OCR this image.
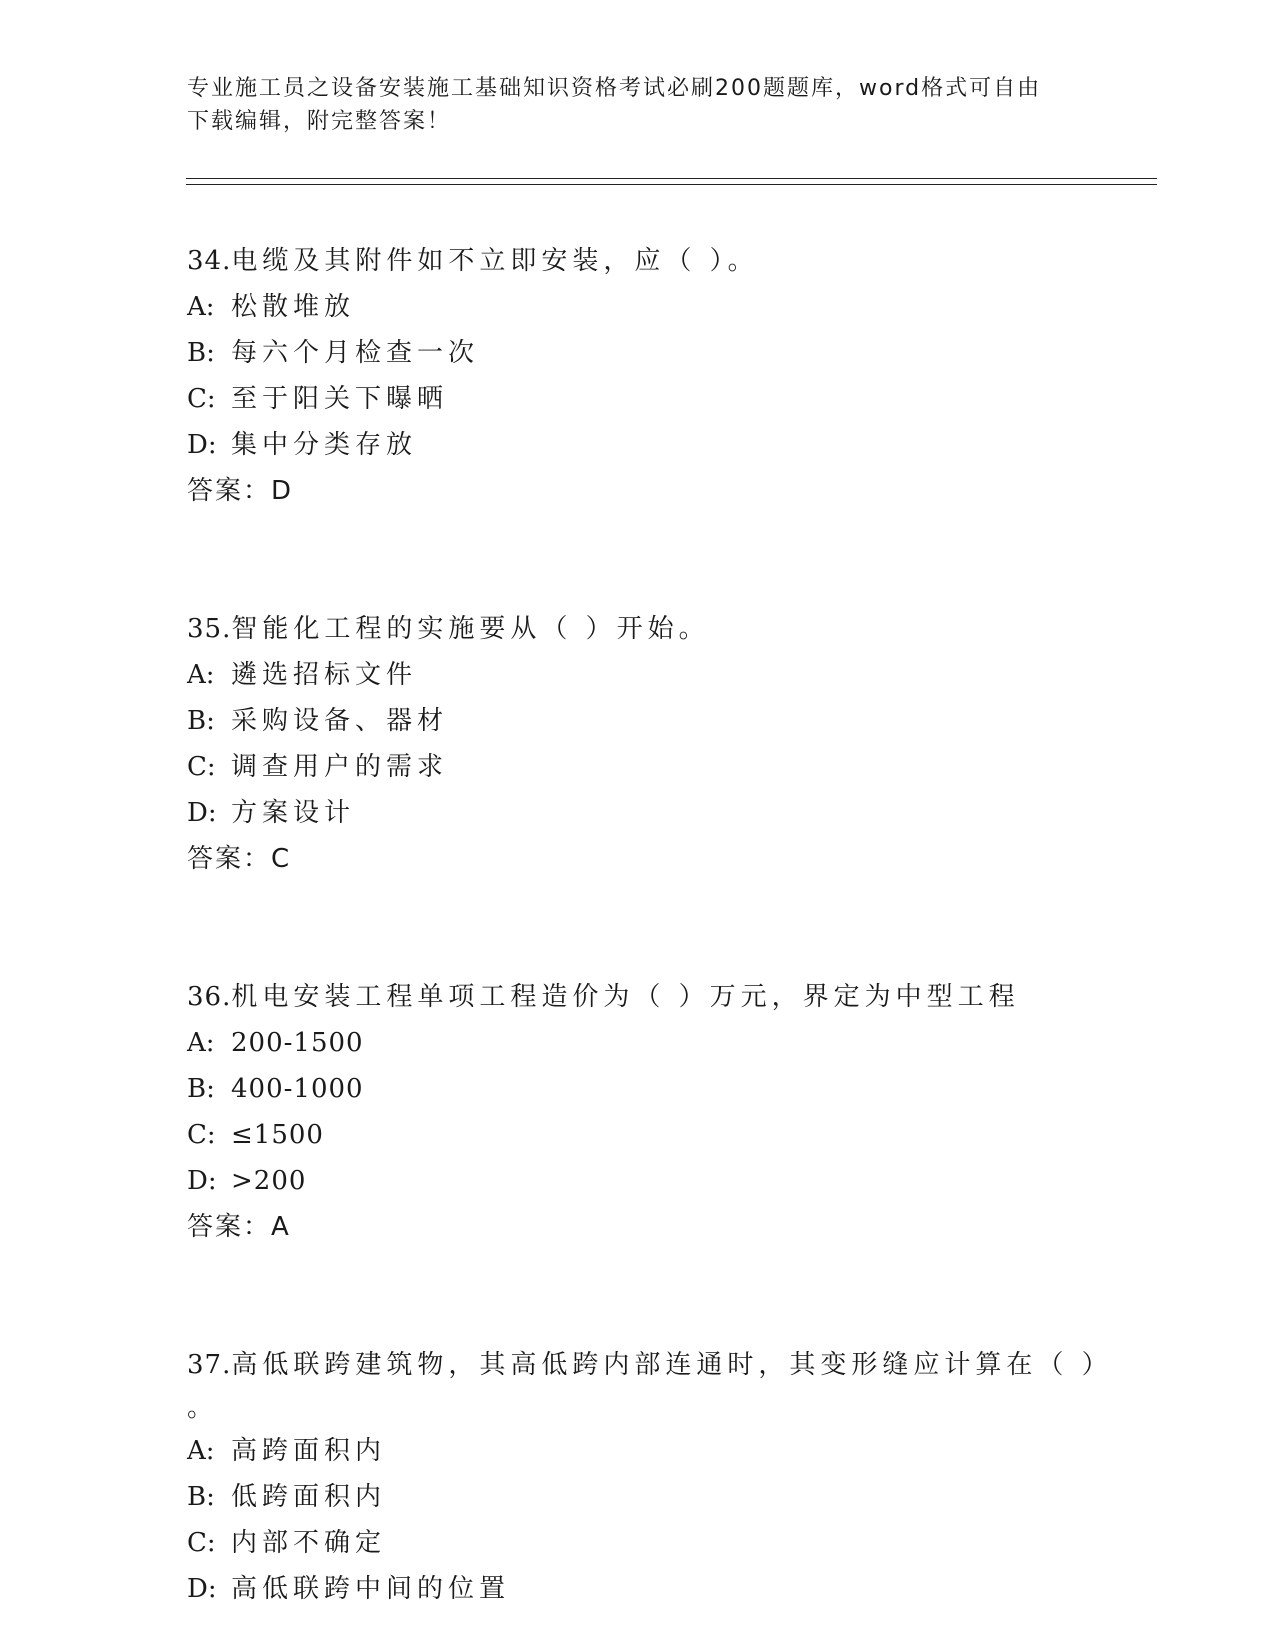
专业施工员之设备安装施工基础知识资格考试必刷200题题库，word格式可自由
下载编辑，附完整答案！
34.电缆及其附件如不立即安装，应（ ）。
A: 松散堆放
B: 每六个月检查一次
C: 至于阳关下曝晒
D: 集中分类存放
答案：D
35.智能化工程的实施要从（ ）开始。
A: 遴选招标文件
B: 采购设备、器材
C: 调查用户的需求
D: 方案设计
答案：C
36.机电安装工程单项工程造价为（ ）万元，界定为中型工程
A: 200-1500
B: 400-1000
C: ≤1500
D: >200
答案：A
37.高低联跨建筑物，其高低跨内部连通时，其变形缝应计算在（ ）
。
A: 高跨面积内
B: 低跨面积内
C: 内部不确定
D: 高低联跨中间的位置
